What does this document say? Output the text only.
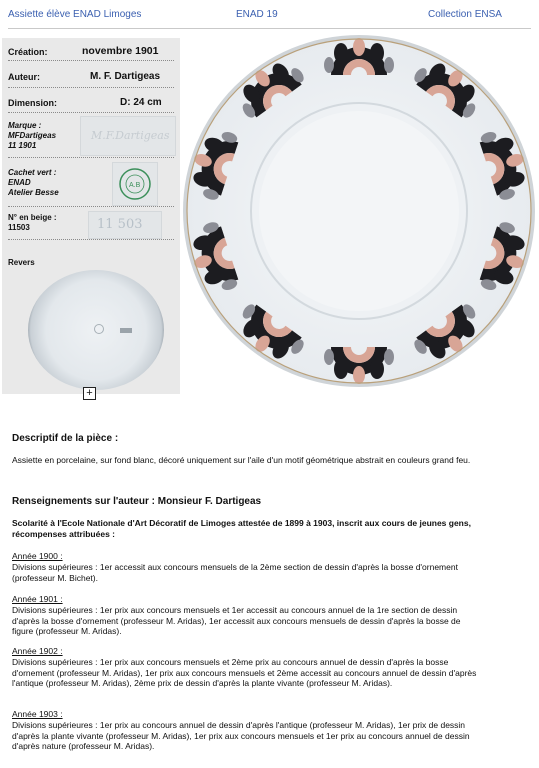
Assiette élève ENAD Limoges	ENAD 19	Collection ENSA
Création:	novembre 1901
Auteur:	M. F. Dartigeas
Dimension:	D: 24 cm
Marque :
MFDartigeas
11 1901
M.F.Dartigeas
Cachet vert :
ENAD
Atelier Besse
A.B
N° en beige :
11503	11 503
Revers
+
Descriptif de la pièce :
Assiette en porcelaine, sur fond blanc, décoré uniquement sur l'aile d'un motif géométrique abstrait en couleurs grand feu.
Renseignements sur l'auteur : Monsieur F. Dartigeas
Scolarité à l'Ecole Nationale d'Art Décoratif de Limoges attestée de 1899 à 1903, inscrit aux cours de jeunes gens, récompenses attribuées :
Année 1900 :
Divisions supérieures : 1er accessit aux concours mensuels de la 2ème section de dessin d'après la bosse d'ornement (professeur M. Bichet).
Année 1901 :
Divisions supérieures : 1er prix aux concours mensuels et 1er accessit au concours annuel de la 1re section de dessin d'après la bosse d'ornement (professeur M. Aridas), 1er accessit aux concours mensuels de dessin d'après la bosse de figure (professeur M. Aridas).
Année 1902 :
Divisions supérieures : 1er prix aux concours mensuels et 2ème prix au concours annuel de dessin d'après la bosse d'ornement (professeur M. Aridas), 1er prix aux concours mensuels et 2ème accessit au concours annuel de dessin d'après l'antique (professeur M. Aridas), 2ème prix de dessin d'après la plante vivante (professeur M. Aridas).
Année 1903 :
Divisions supérieures : 1er prix au concours annuel de dessin d'après l'antique (professeur M. Aridas), 1er prix de dessin d'après la plante vivante (professeur M. Aridas), 1er prix aux concours mensuels et 1er prix au concours annuel de dessin d'après nature (professeur M. Aridas).
